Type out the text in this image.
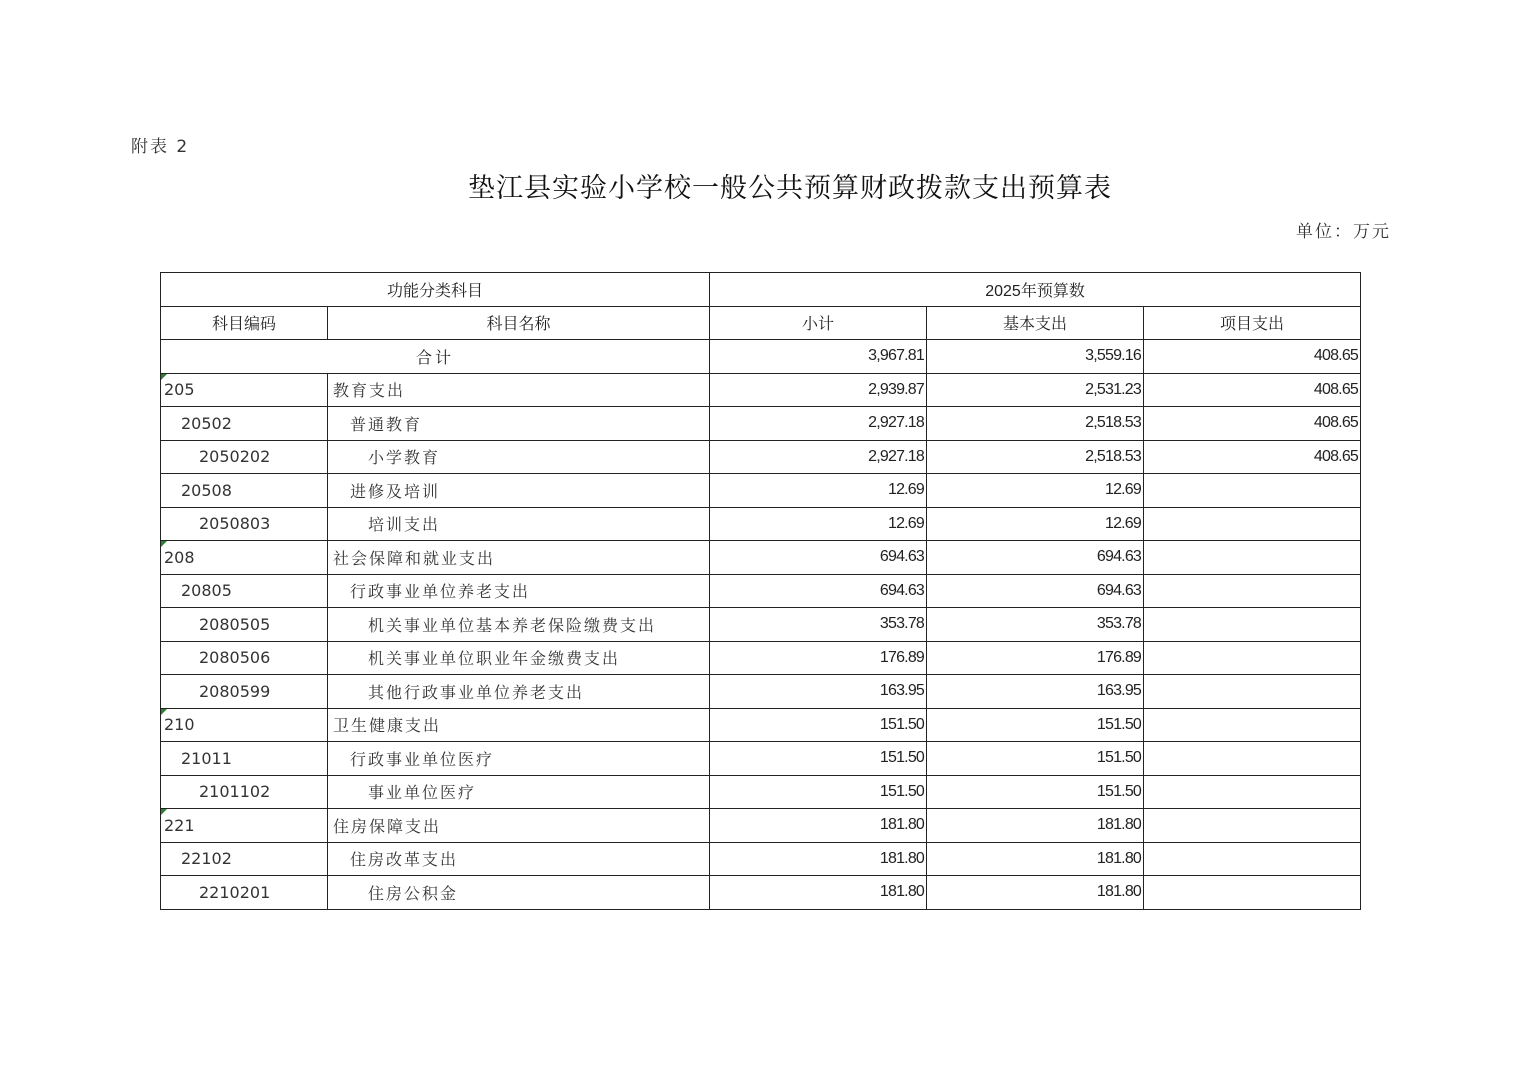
附表 2
垫江县实验小学校一般公共预算财政拨款支出预算表
单位：万元
功能分类科目		2025年预算数		
科目编码	科目名称	小计	基本支出	项目支出
合计		3,967.81	3,559.16	408.65
205	教育支出	2,939.87	2,531.23	408.65
20502	普通教育	2,927.18	2,518.53	408.65
2050202	小学教育	2,927.18	2,518.53	408.65
20508	进修及培训	12.69	12.69	
2050803	培训支出	12.69	12.69	
208	社会保障和就业支出	694.63	694.63	
20805	行政事业单位养老支出	694.63	694.63	
2080505	机关事业单位基本养老保险缴费支出	353.78	353.78	
2080506	机关事业单位职业年金缴费支出	176.89	176.89	
2080599	其他行政事业单位养老支出	163.95	163.95	
210	卫生健康支出	151.50	151.50	
21011	行政事业单位医疗	151.50	151.50	
2101102	事业单位医疗	151.50	151.50	
221	住房保障支出	181.80	181.80	
22102	住房改革支出	181.80	181.80	
2210201	住房公积金	181.80	181.80	
